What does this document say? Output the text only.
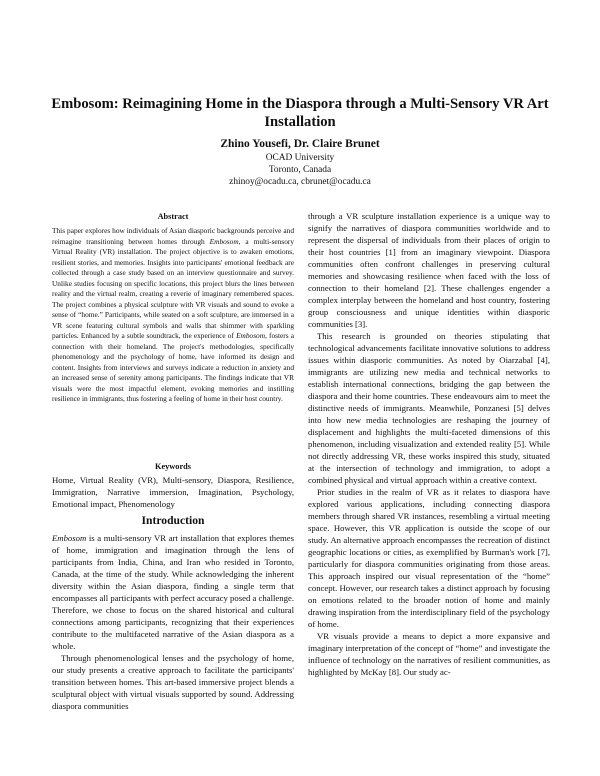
Embosom: Reimagining Home in the Diaspora through a Multi-Sensory VR Art Installation
Zhino Yousefi, Dr. Claire Brunet
OCAD University
Toronto, Canada
zhinoy@ocadu.ca, cbrunet@ocadu.ca
Abstract

This paper explores how individuals of Asian diasporic backgrounds perceive and reimagine transitioning between homes through Embosom, a multi-sensory Virtual Reality (VR) installation. The project objective is to awaken emotions, resilient stories, and memories. Insights into participants' emotional feedback are collected through a case study based on an interview questionnaire and survey. Unlike studies focusing on specific locations, this project blurs the lines between reality and the virtual realm, creating a reverie of imaginary remembered spaces. The project combines a physical sculpture with VR visuals and sound to evoke a sense of “home.” Participants, while seated on a soft sculpture, are immersed in a VR scene featuring cultural symbols and walls that shimmer with sparkling particles. Enhanced by a subtle soundtrack, the experience of Embosom, fosters a connection with their homeland. The project's methodologies, specifically phenomenology and the psychology of home, have informed its design and content. Insights from interviews and surveys indicate a reduction in anxiety and an increased sense of serenity among participants. The findings indicate that VR visuals were the most impactful element, evoking memories and instilling resilience in immigrants, thus fostering a feeling of home in their host country.

Keywords

Home, Virtual Reality (VR), Multi-sensory, Diaspora, Resilience, Immigration, Narrative immersion, Imagination, Psychology, Emotional impact, Phenomenology

Introduction

Embosom is a multi-sensory VR art installation that explores themes of home, immigration and imagination through the lens of participants from India, China, and Iran who resided in Toronto, Canada, at the time of the study. While acknowledging the inherent diversity within the Asian diaspora, finding a single term that encompasses all participants with perfect accuracy posed a challenge. Therefore, we chose to focus on the shared historical and cultural connections among participants, recognizing that their experiences contribute to the multifaceted narrative of the Asian diaspora as a whole.

Through phenomenological lenses and the psychology of home, our study presents a creative approach to facilitate the participants' transition between homes. This art-based immersive project blends a sculptural object with virtual visuals supported by sound. Addressing diaspora communities

through a VR sculpture installation experience is a unique way to signify the narratives of diaspora communities worldwide and to represent the dispersal of individuals from their places of origin to their host countries [1] from an imaginary viewpoint. Diaspora communities often confront challenges in preserving cultural memories and showcasing resilience when faced with the loss of connection to their homeland [2]. These challenges engender a complex interplay between the homeland and host country, fostering group consciousness and unique identities within diasporic communities [3].

This research is grounded on theories stipulating that technological advancements facilitate innovative solutions to address issues within diasporic communities. As noted by Oiarzabal [4], immigrants are utilizing new media and technical networks to establish international connections, bridging the gap between the diaspora and their home countries. These endeavours aim to meet the distinctive needs of immigrants. Meanwhile, Ponzanesi [5] delves into how new media technologies are reshaping the journey of displacement and highlights the multi-faceted dimensions of this phenomenon, including visualization and extended reality [5]. While not directly addressing VR, these works inspired this study, situated at the intersection of technology and immigration, to adopt a combined physical and virtual approach within a creative context.

Prior studies in the realm of VR as it relates to diaspora have explored various applications, including connecting diaspora members through shared VR instances, resembling a virtual meeting space. However, this VR application is outside the scope of our study. An alternative approach encompasses the recreation of distinct geographic locations or cities, as exemplified by Burman's work [7], particularly for diaspora communities originating from those areas. This approach inspired our visual representation of the “home” concept. However, our research takes a distinct approach by focusing on emotions related to the broader notion of home and mainly drawing inspiration from the interdisciplinary field of the psychology of home.

VR visuals provide a means to depict a more expansive and imaginary interpretation of the concept of “home” and investigate the influence of technology on the narratives of resilient communities, as highlighted by McKay [8]. Our study ac-
